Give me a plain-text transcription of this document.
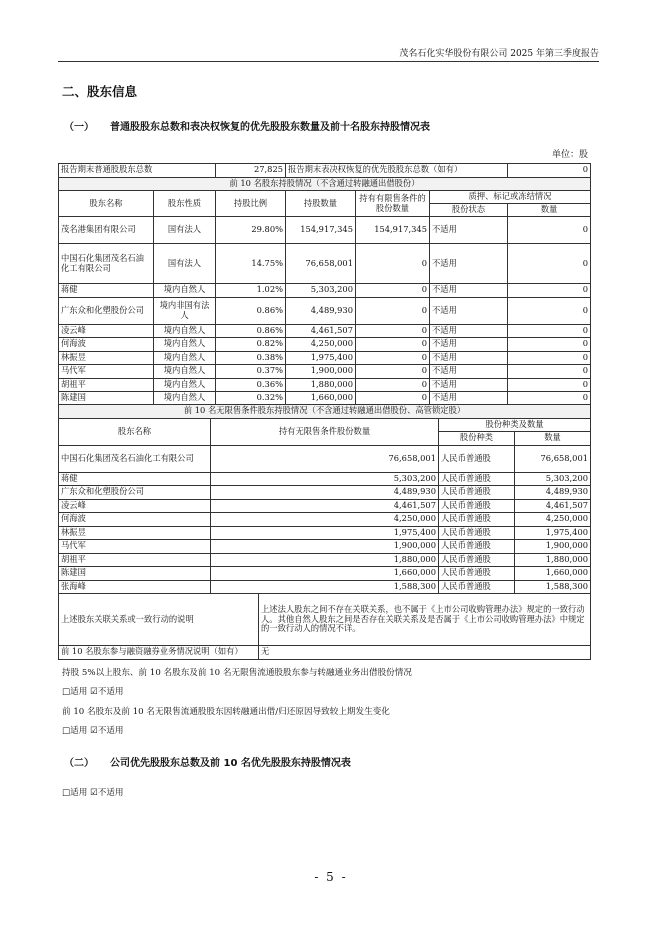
茂名石化实华股份有限公司 2025 年第三季度报告
二、股东信息
（一） 普通股股东总数和表决权恢复的优先股股东数量及前十名股东持股情况表
单位：股
报告期末普通股股东总数		27,825	报告期末表决权恢复的优先股股东总数（如有）			0
前 10 名股东持股情况（不含通过转融通出借股份）						
股东名称	股东性质	持股比例	持股数量	持有有限售条件的股份数量	质押、标记或冻结情况	
					股份状态	数量
茂名港集团有限公司	国有法人	29.80%	154,917,345	154,917,345	不适用	0
中国石化集团茂名石油化工有限公司	国有法人	14.75%	76,658,001	0	不适用	0
蒋健	境内自然人	1.02%	5,303,200	0	不适用	0
广东众和化塑股份公司	境内非国有法人	0.86%	4,489,930	0	不适用	0
凌云峰	境内自然人	0.86%	4,461,507	0	不适用	0
何海波	境内自然人	0.82%	4,250,000	0	不适用	0
林振昱	境内自然人	0.38%	1,975,400	0	不适用	0
马代军	境内自然人	0.37%	1,900,000	0	不适用	0
胡祖平	境内自然人	0.36%	1,880,000	0	不适用	0
陈建国	境内自然人	0.32%	1,660,000	0	不适用	0
前 10 名无限售条件股东持股情况（不含通过转融通出借股份、高管锁定股）				
股东名称	持有无限售条件股份数量		股份种类及数量	
			股份种类	数量
中国石化集团茂名石油化工有限公司	76,658,001		人民币普通股	76,658,001
蒋健	5,303,200		人民币普通股	5,303,200
广东众和化塑股份公司	4,489,930		人民币普通股	4,489,930
凌云峰	4,461,507		人民币普通股	4,461,507
何海波	4,250,000		人民币普通股	4,250,000
林振昱	1,975,400		人民币普通股	1,975,400
马代军	1,900,000		人民币普通股	1,900,000
胡祖平	1,880,000		人民币普通股	1,880,000
陈建国	1,660,000		人民币普通股	1,660,000
张海峰	1,588,300		人民币普通股	1,588,300
上述股东关联关系或一致行动的说明		上述法人股东之间不存在关联关系，也不属于《上市公司收购管理办法》规定的一致行动人。其他自然人股东之间是否存在关联关系及是否属于《上市公司收购管理办法》中规定的一致行动人的情况不详。		
前 10 名股东参与融资融券业务情况说明（如有）		无		
持股 5%以上股东、前 10 名股东及前 10 名无限售流通股股东参与转融通业务出借股份情况
□适用 ☑不适用
前 10 名股东及前 10 名无限售流通股股东因转融通出借/归还原因导致较上期发生变化
□适用 ☑不适用
（二） 公司优先股股东总数及前 10 名优先股股东持股情况表
□适用 ☑不适用
- 5 -
